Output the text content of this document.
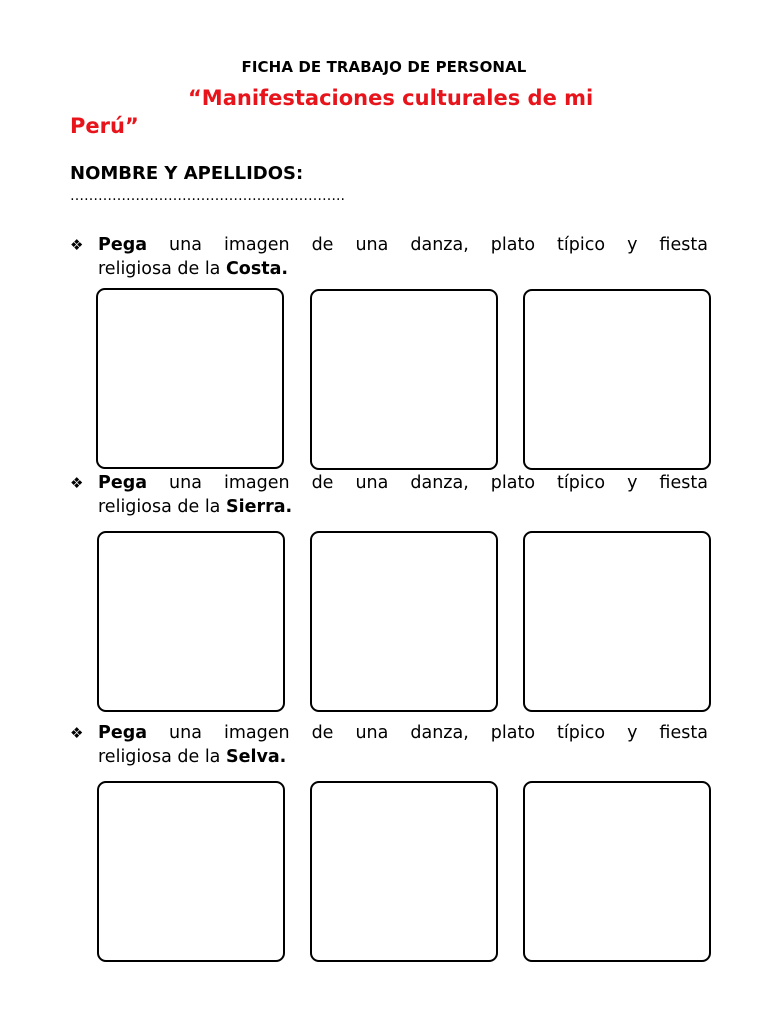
FICHA DE TRABAJO DE PERSONAL
“Manifestaciones culturales de mi
Perú”
NOMBRE Y APELLIDOS:
…………………………………………………..
❖ Pega una imagen de una danza, plato típico y fiesta
religiosa de la Costa.
❖ Pega una imagen de una danza, plato típico y fiesta
religiosa de la Sierra.
❖ Pega una imagen de una danza, plato típico y fiesta
religiosa de la Selva.
